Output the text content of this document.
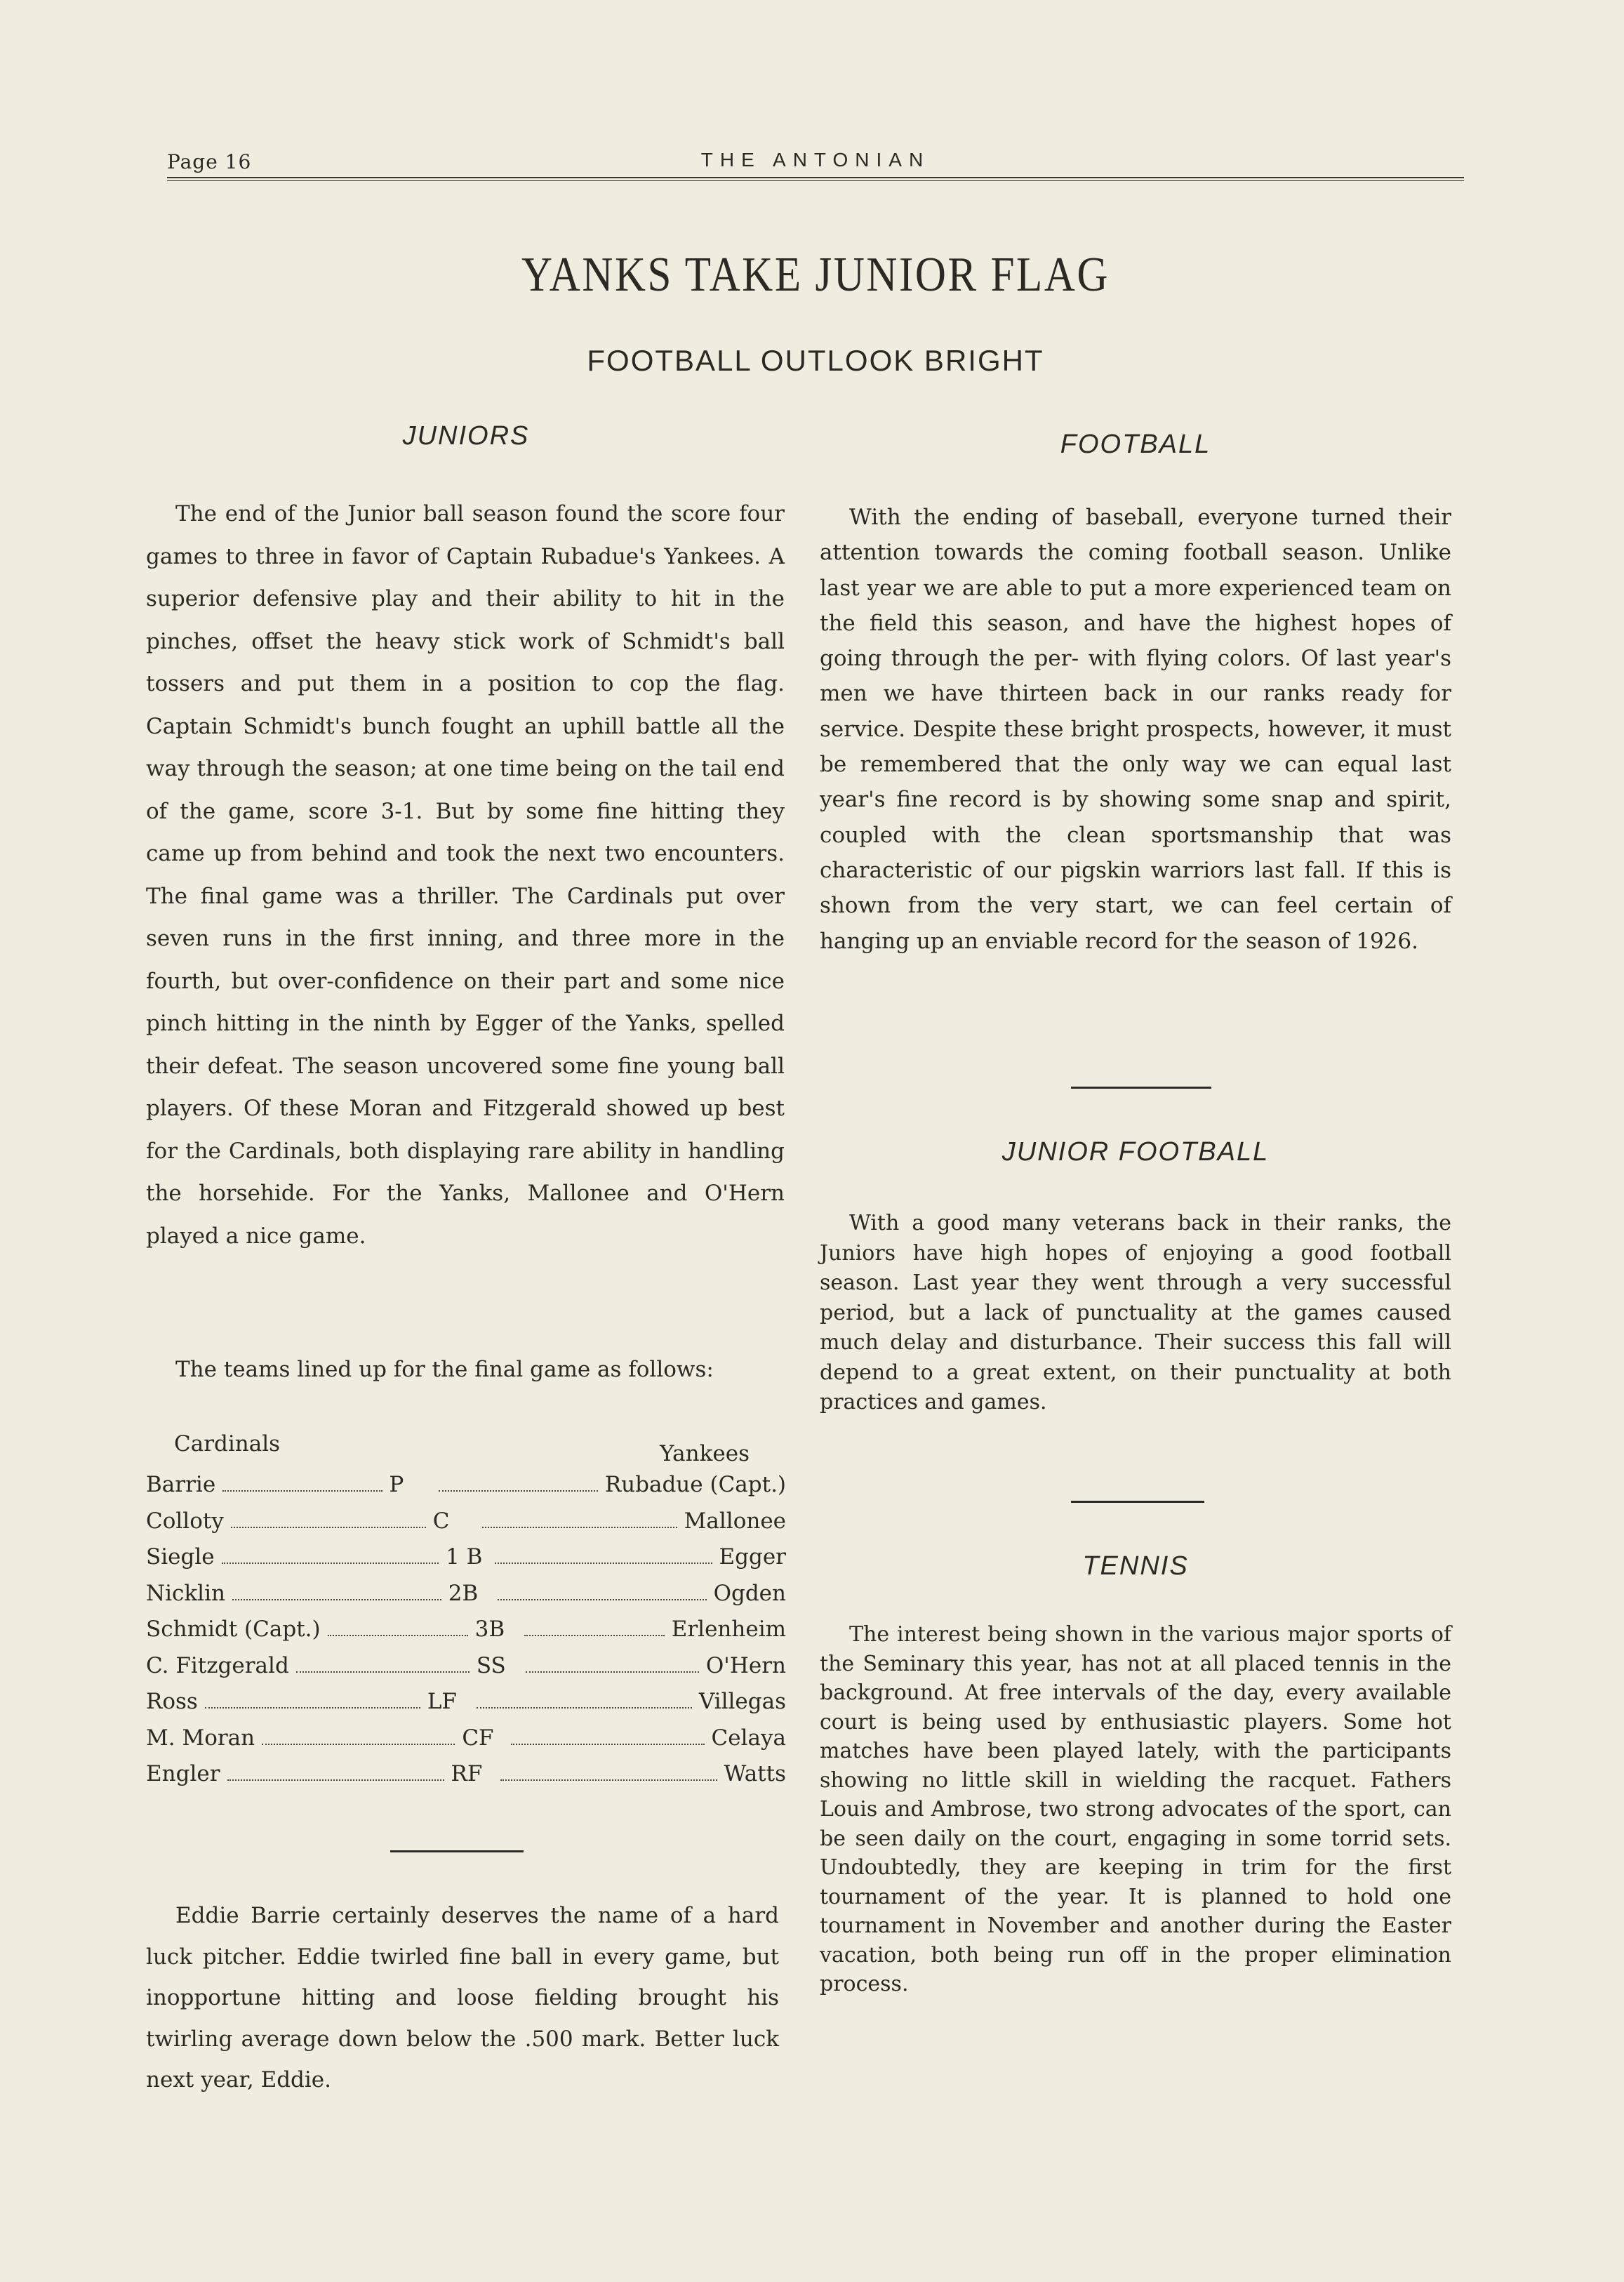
Page 16	THE ANTONIAN
YANKS TAKE JUNIOR FLAG
FOOTBALL OUTLOOK BRIGHT
JUNIORS

The end of the Junior ball season found the score four games to three in favor of Captain Rubadue's Yankees. A superior defensive play and their ability to hit in the pinches, offset the heavy stick work of Schmidt's ball tossers and put them in a position to cop the flag. Captain Schmidt's bunch fought an uphill battle all the way through the season; at one time being on the tail end of the game, score 3-1. But by some fine hitting they came up from behind and took the next two encounters. The final game was a thriller. The Cardinals put over seven runs in the first inning, and three more in the fourth, but over-confidence on their part and some nice pinch hitting in the ninth by Egger of the Yanks, spelled their defeat. The season uncovered some fine young ball players. Of these Moran and Fitzgerald showed up best for the Cardinals, both displaying rare ability in handling the horsehide. For the Yanks, Mallonee and O'Hern played a nice game.

The teams lined up for the final game as follows:

Cardinals	Yankees
Barrie	P	Rubadue (Capt.)
Colloty	C	Mallonee
Siegle	1 B	Egger
Nicklin	2B	Ogden
Schmidt (Capt.)	3B	Erlenheim
C. Fitzgerald	SS	O'Hern
Ross	LF	Villegas
M. Moran	CF	Celaya
Engler	RF	Watts

Eddie Barrie certainly deserves the name of a hard luck pitcher. Eddie twirled fine ball in every game, but inopportune hitting and loose fielding brought his twirling average down below the .500 mark. Better luck next year, Eddie.

FOOTBALL

With the ending of baseball, everyone turned their attention towards the coming football season. Unlike last year we are able to put a more experienced team on the field this season, and have the highest hopes of going through the per- with flying colors. Of last year's men we have thirteen back in our ranks ready for service. Despite these bright prospects, however, it must be remembered that the only way we can equal last year's fine record is by showing some snap and spirit, coupled with the clean sportsmanship that was characteristic of our pigskin warriors last fall. If this is shown from the very start, we can feel certain of hanging up an enviable record for the season of 1926.

JUNIOR FOOTBALL

With a good many veterans back in their ranks, the Juniors have high hopes of enjoying a good football season. Last year they went through a very successful period, but a lack of punctuality at the games caused much delay and disturbance. Their success this fall will depend to a great extent, on their punctuality at both practices and games.

TENNIS

The interest being shown in the various major sports of the Seminary this year, has not at all placed tennis in the background. At free intervals of the day, every available court is being used by enthusiastic players. Some hot matches have been played lately, with the participants showing no little skill in wielding the racquet. Fathers Louis and Ambrose, two strong advocates of the sport, can be seen daily on the court, engaging in some torrid sets. Undoubtedly, they are keeping in trim for the first tournament of the year. It is planned to hold one tournament in November and another during the Easter vacation, both being run off in the proper elimination process.
